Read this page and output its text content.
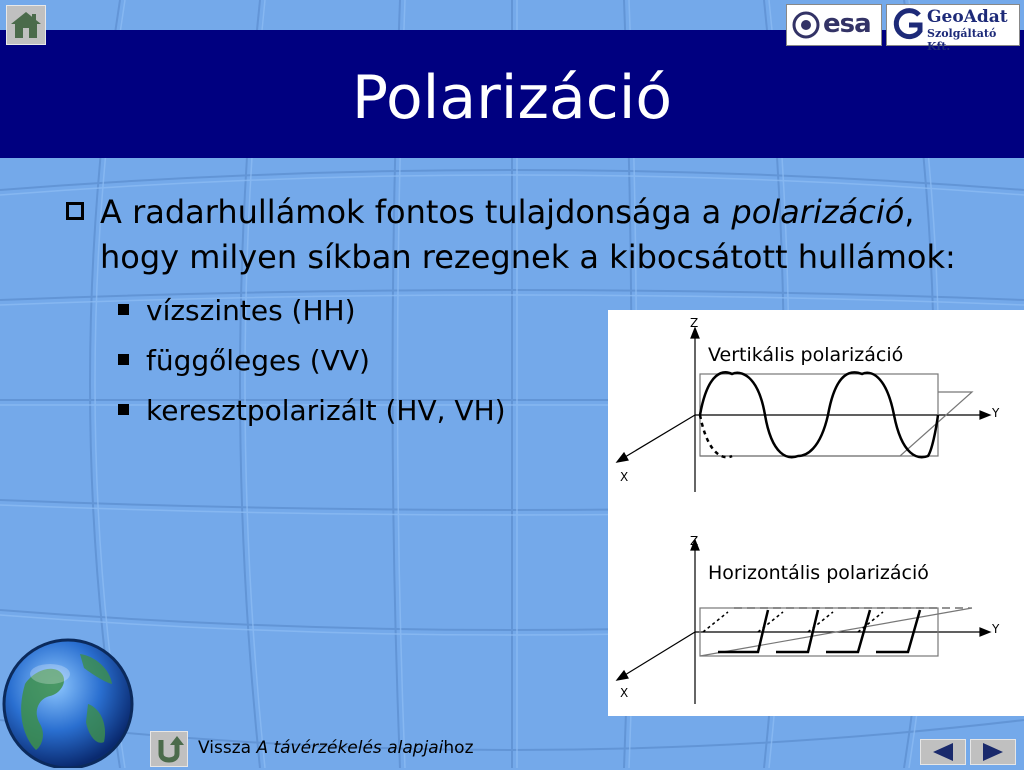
Polarizáció
esa	GeoAdat
Szolgáltató Kft.
A radarhullámok fontos tulajdonsága a polarizáció, hogy milyen síkban rezegnek a kibocsátott hullámok:
vízszintes (HH)
függőleges (VV)
keresztpolarizált (HV, VH)
Z
Y
X
Vertikális polarizáció
Z
Y
X
Horizontális polarizáció
Vissza A távérzékelés alapjaihoz
